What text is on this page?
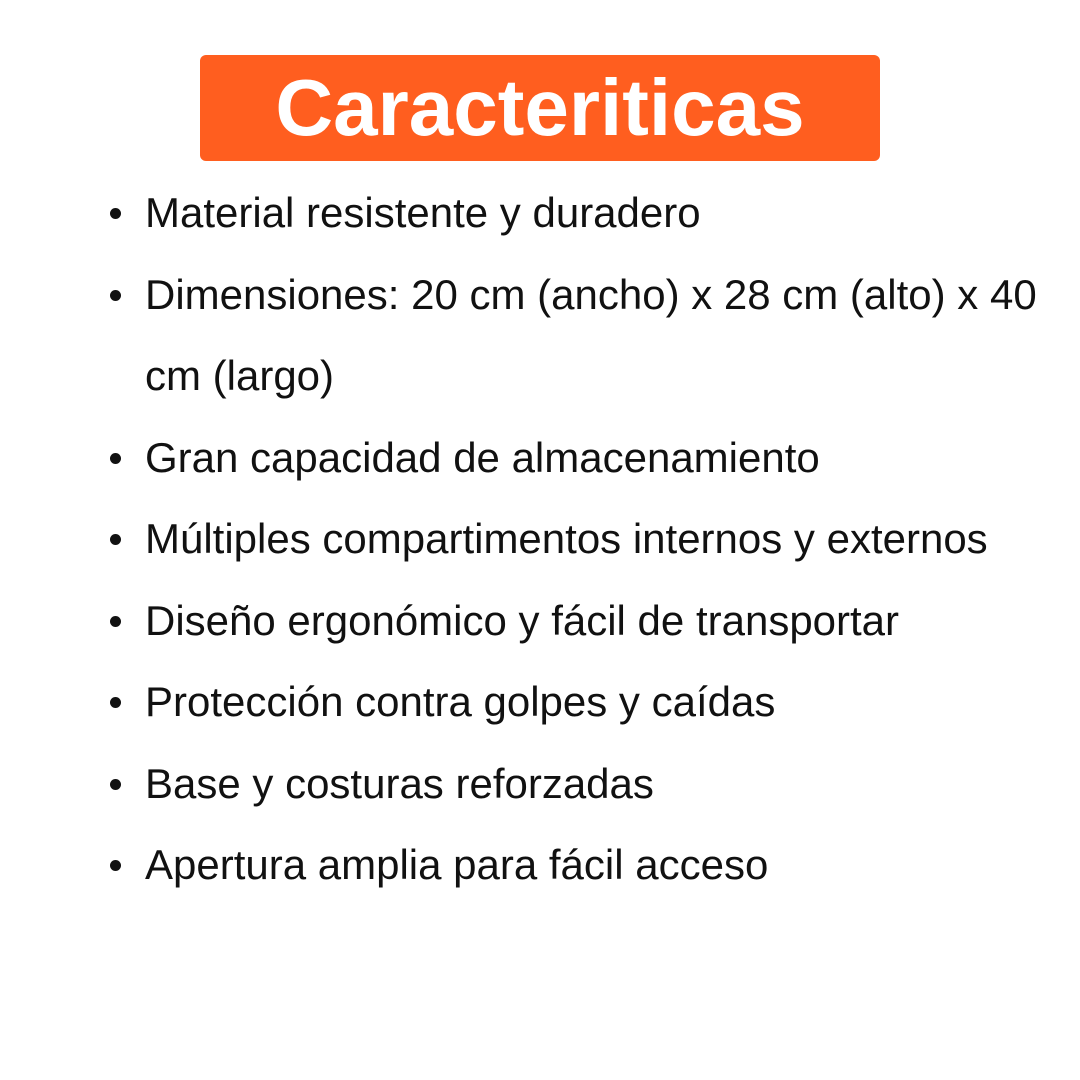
Caracteriticas
Material resistente y duradero
Dimensiones: 20 cm (ancho) x 28 cm (alto) x 40 cm (largo)
Gran capacidad de almacenamiento
Múltiples compartimentos internos y externos
Diseño ergonómico y fácil de transportar
Protección contra golpes y caídas
Base y costuras reforzadas
Apertura amplia para fácil acceso
